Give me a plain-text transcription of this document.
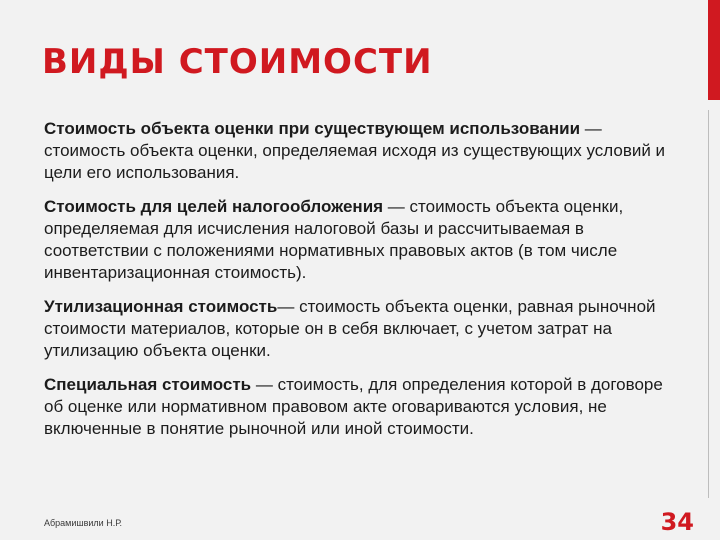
ВИДЫ СТОИМОСТИ

Стоимость объекта оценки при существующем использовании — стоимость объекта оценки, определяемая исходя из существующих условий и цели его использования.

Стоимость для целей налогообложения — стоимость объекта оценки, определяемая для исчисления налоговой базы и рассчитываемая в соответствии с положениями нормативных правовых актов (в том числе инвентаризационная стоимость).

Утилизационная стоимость— стоимость объекта оценки, равная рыночной стоимости материалов, которые он в себя включает, с учетом затрат на утилизацию объекта оценки.

Специальная стоимость — стоимость, для определения которой в договоре об оценке или нормативном правовом акте оговариваются условия, не включенные в понятие рыночной или иной стоимости.

Абрамишвили Н.Р.	34
